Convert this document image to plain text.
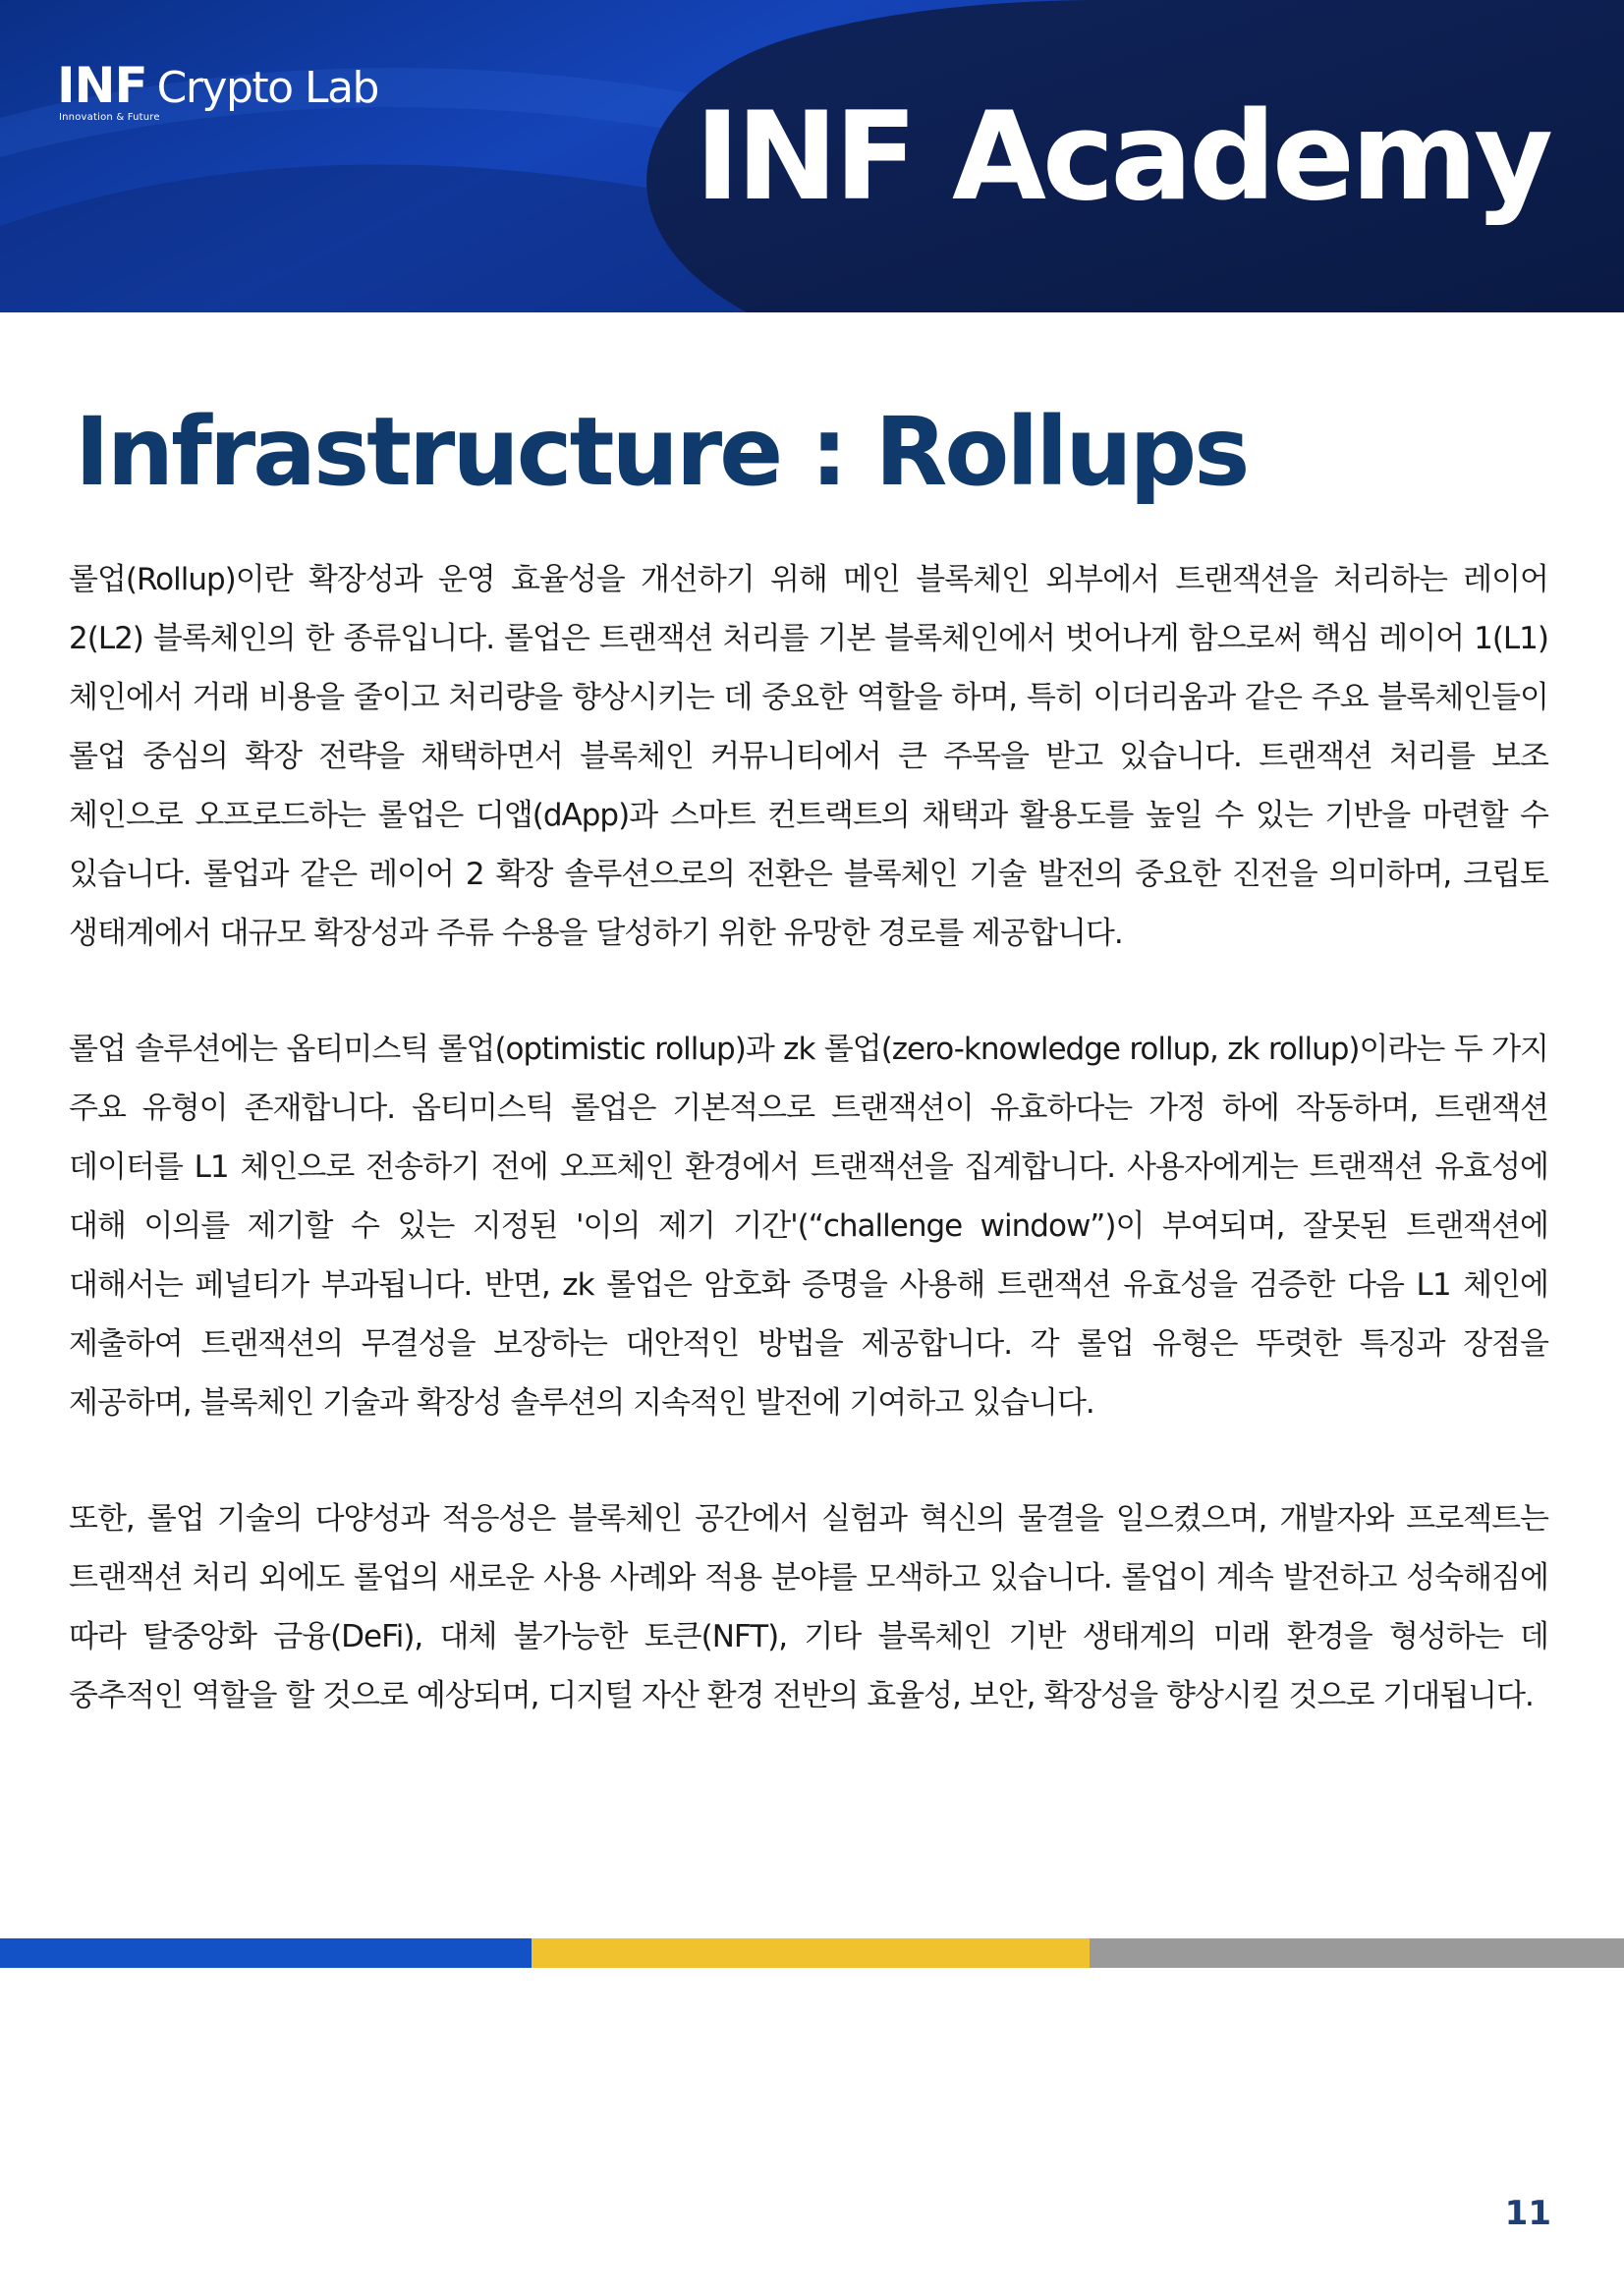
INF Crypto Lab
Innovation & Future	INF Academy
Infrastructure : Rollups

롤업(Rollup)이란 확장성과 운영 효율성을 개선하기 위해 메인 블록체인 외부에서 트랜잭션을 처리하는 레이어 2(L2) 블록체인의 한 종류입니다. 롤업은 트랜잭션 처리를 기본 블록체인에서 벗어나게 함으로써 핵심 레이어 1(L1) 체인에서 거래 비용을 줄이고 처리량을 향상시키는 데 중요한 역할을 하며, 특히 이더리움과 같은 주요 블록체인들이 롤업 중심의 확장 전략을 채택하면서 블록체인 커뮤니티에서 큰 주목을 받고 있습니다. 트랜잭션 처리를 보조 체인으로 오프로드하는 롤업은 디앱(dApp)과 스마트 컨트랙트의 채택과 활용도를 높일 수 있는 기반을 마련할 수 있습니다. 롤업과 같은 레이어 2 확장 솔루션으로의 전환은 블록체인 기술 발전의 중요한 진전을 의미하며, 크립토 생태계에서 대규모 확장성과 주류 수용을 달성하기 위한 유망한 경로를 제공합니다.

롤업 솔루션에는 옵티미스틱 롤업(optimistic rollup)과 zk 롤업(zero-knowledge rollup, zk rollup)이라는 두 가지 주요 유형이 존재합니다. 옵티미스틱 롤업은 기본적으로 트랜잭션이 유효하다는 가정 하에 작동하며, 트랜잭션 데이터를 L1 체인으로 전송하기 전에 오프체인 환경에서 트랜잭션을 집계합니다. 사용자에게는 트랜잭션 유효성에 대해 이의를 제기할 수 있는 지정된 '이의 제기 기간'(“challenge window”)이 부여되며, 잘못된 트랜잭션에 대해서는 페널티가 부과됩니다. 반면, zk 롤업은 암호화 증명을 사용해 트랜잭션 유효성을 검증한 다음 L1 체인에 제출하여 트랜잭션의 무결성을 보장하는 대안적인 방법을 제공합니다. 각 롤업 유형은 뚜렷한 특징과 장점을 제공하며, 블록체인 기술과 확장성 솔루션의 지속적인 발전에 기여하고 있습니다.

또한, 롤업 기술의 다양성과 적응성은 블록체인 공간에서 실험과 혁신의 물결을 일으켰으며, 개발자와 프로젝트는 트랜잭션 처리 외에도 롤업의 새로운 사용 사례와 적용 분야를 모색하고 있습니다. 롤업이 계속 발전하고 성숙해짐에 따라 탈중앙화 금융(DeFi), 대체 불가능한 토큰(NFT), 기타 블록체인 기반 생태계의 미래 환경을 형성하는 데 중추적인 역할을 할 것으로 예상되며, 디지털 자산 환경 전반의 효율성, 보안, 확장성을 향상시킬 것으로 기대됩니다.

11
